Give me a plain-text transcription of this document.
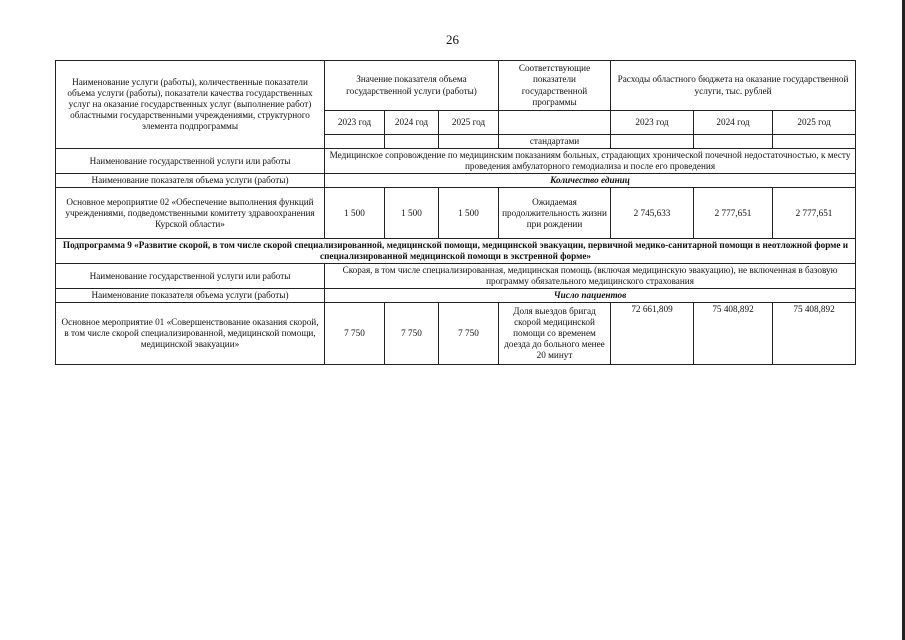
26
Наименование услуги (работы), количественные показатели объема услуги (работы), показатели качества государственных услуг на оказание государственных услуг (выполнение работ) областными государственными учреждениями, структурного элемента подпрограммы	Значение показателя объема государственной услуги (работы)			Соответствующие показатели государственной программы	Расходы областного бюджета на оказание государственной услуги, тыс. рублей		
	2023 год	2024 год	2025 год		2023 год	2024 год	2025 год
				стандартами			
Наименование государственной услуги или работы	Медицинское сопровождение по медицинским показаниям больных, страдающих хронической почечной недостаточностью, к месту проведения амбулаторного гемодиализа и после его проведения						
Наименование показателя объема услуги (работы)	Количество единиц						
Основное мероприятие 02 «Обеспечение выполнения функций учреждениями, подведомственными комитету здравоохранения Курской области»	1 500	1 500	1 500	Ожидаемая продолжительность жизни при рождении	2 745,633	2 777,651	2 777,651
Подпрограмма 9 «Развитие скорой, в том числе скорой специализированной, медицинской помощи, медицинской эвакуации, первичной медико-санитарной помощи в неотложной форме и специализированной медицинской помощи в экстренной форме»							
Наименование государственной услуги или работы	Скорая, в том числе специализированная, медицинская помощь (включая медицинскую эвакуацию), не включенная в базовую программу обязательного медицинского страхования						
Наименование показателя объема услуги (работы)	Число пациентов						
Основное мероприятие 01 «Совершенствование оказания скорой, в том числе скорой специализированной, медицинской помощи, медицинской эвакуации»	7 750	7 750	7 750	Доля выездов бригад скорой медицинской помощи со временем доезда до больного менее 20 минут	72 661,809	75 408,892	75 408,892
